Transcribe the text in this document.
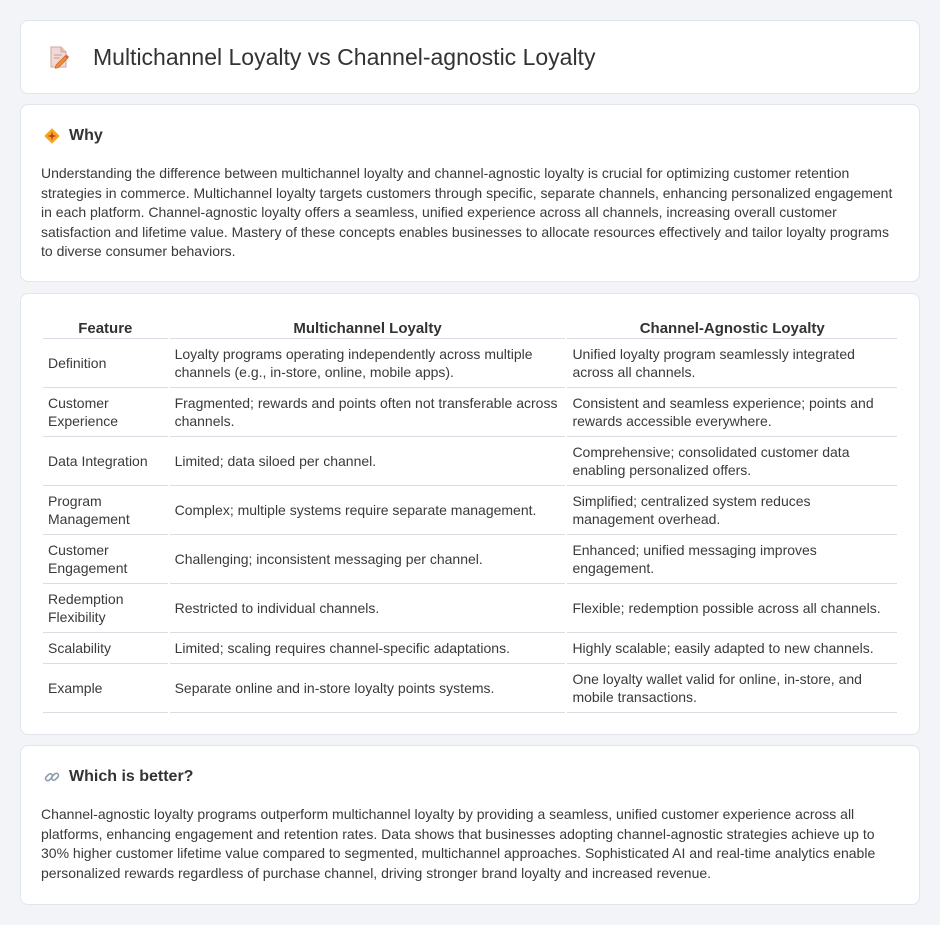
Multichannel Loyalty vs Channel-agnostic Loyalty
Why

Understanding the difference between multichannel loyalty and channel-agnostic loyalty is crucial for optimizing customer retention strategies in commerce. Multichannel loyalty targets customers through specific, separate channels, enhancing personalized engagement in each platform. Channel-agnostic loyalty offers a seamless, unified experience across all channels, increasing overall customer satisfaction and lifetime value. Mastery of these concepts enables businesses to allocate resources effectively and tailor loyalty programs to diverse consumer behaviors.

Feature	Multichannel Loyalty	Channel-Agnostic Loyalty
Definition	Loyalty programs operating independently across multiple channels (e.g., in-store, online, mobile apps).	Unified loyalty program seamlessly integrated across all channels.
Customer Experience	Fragmented; rewards and points often not transferable across channels.	Consistent and seamless experience; points and rewards accessible everywhere.
Data Integration	Limited; data siloed per channel.	Comprehensive; consolidated customer data enabling personalized offers.
Program Management	Complex; multiple systems require separate management.	Simplified; centralized system reduces management overhead.
Customer Engagement	Challenging; inconsistent messaging per channel.	Enhanced; unified messaging improves engagement.
Redemption Flexibility	Restricted to individual channels.	Flexible; redemption possible across all channels.
Scalability	Limited; scaling requires channel-specific adaptations.	Highly scalable; easily adapted to new channels.
Example	Separate online and in-store loyalty points systems.	One loyalty wallet valid for online, in-store, and mobile transactions.
Which is better?

Channel-agnostic loyalty programs outperform multichannel loyalty by providing a seamless, unified customer experience across all platforms, enhancing engagement and retention rates. Data shows that businesses adopting channel-agnostic strategies achieve up to 30% higher customer lifetime value compared to segmented, multichannel approaches. Sophisticated AI and real-time analytics enable personalized rewards regardless of purchase channel, driving stronger brand loyalty and increased revenue.
